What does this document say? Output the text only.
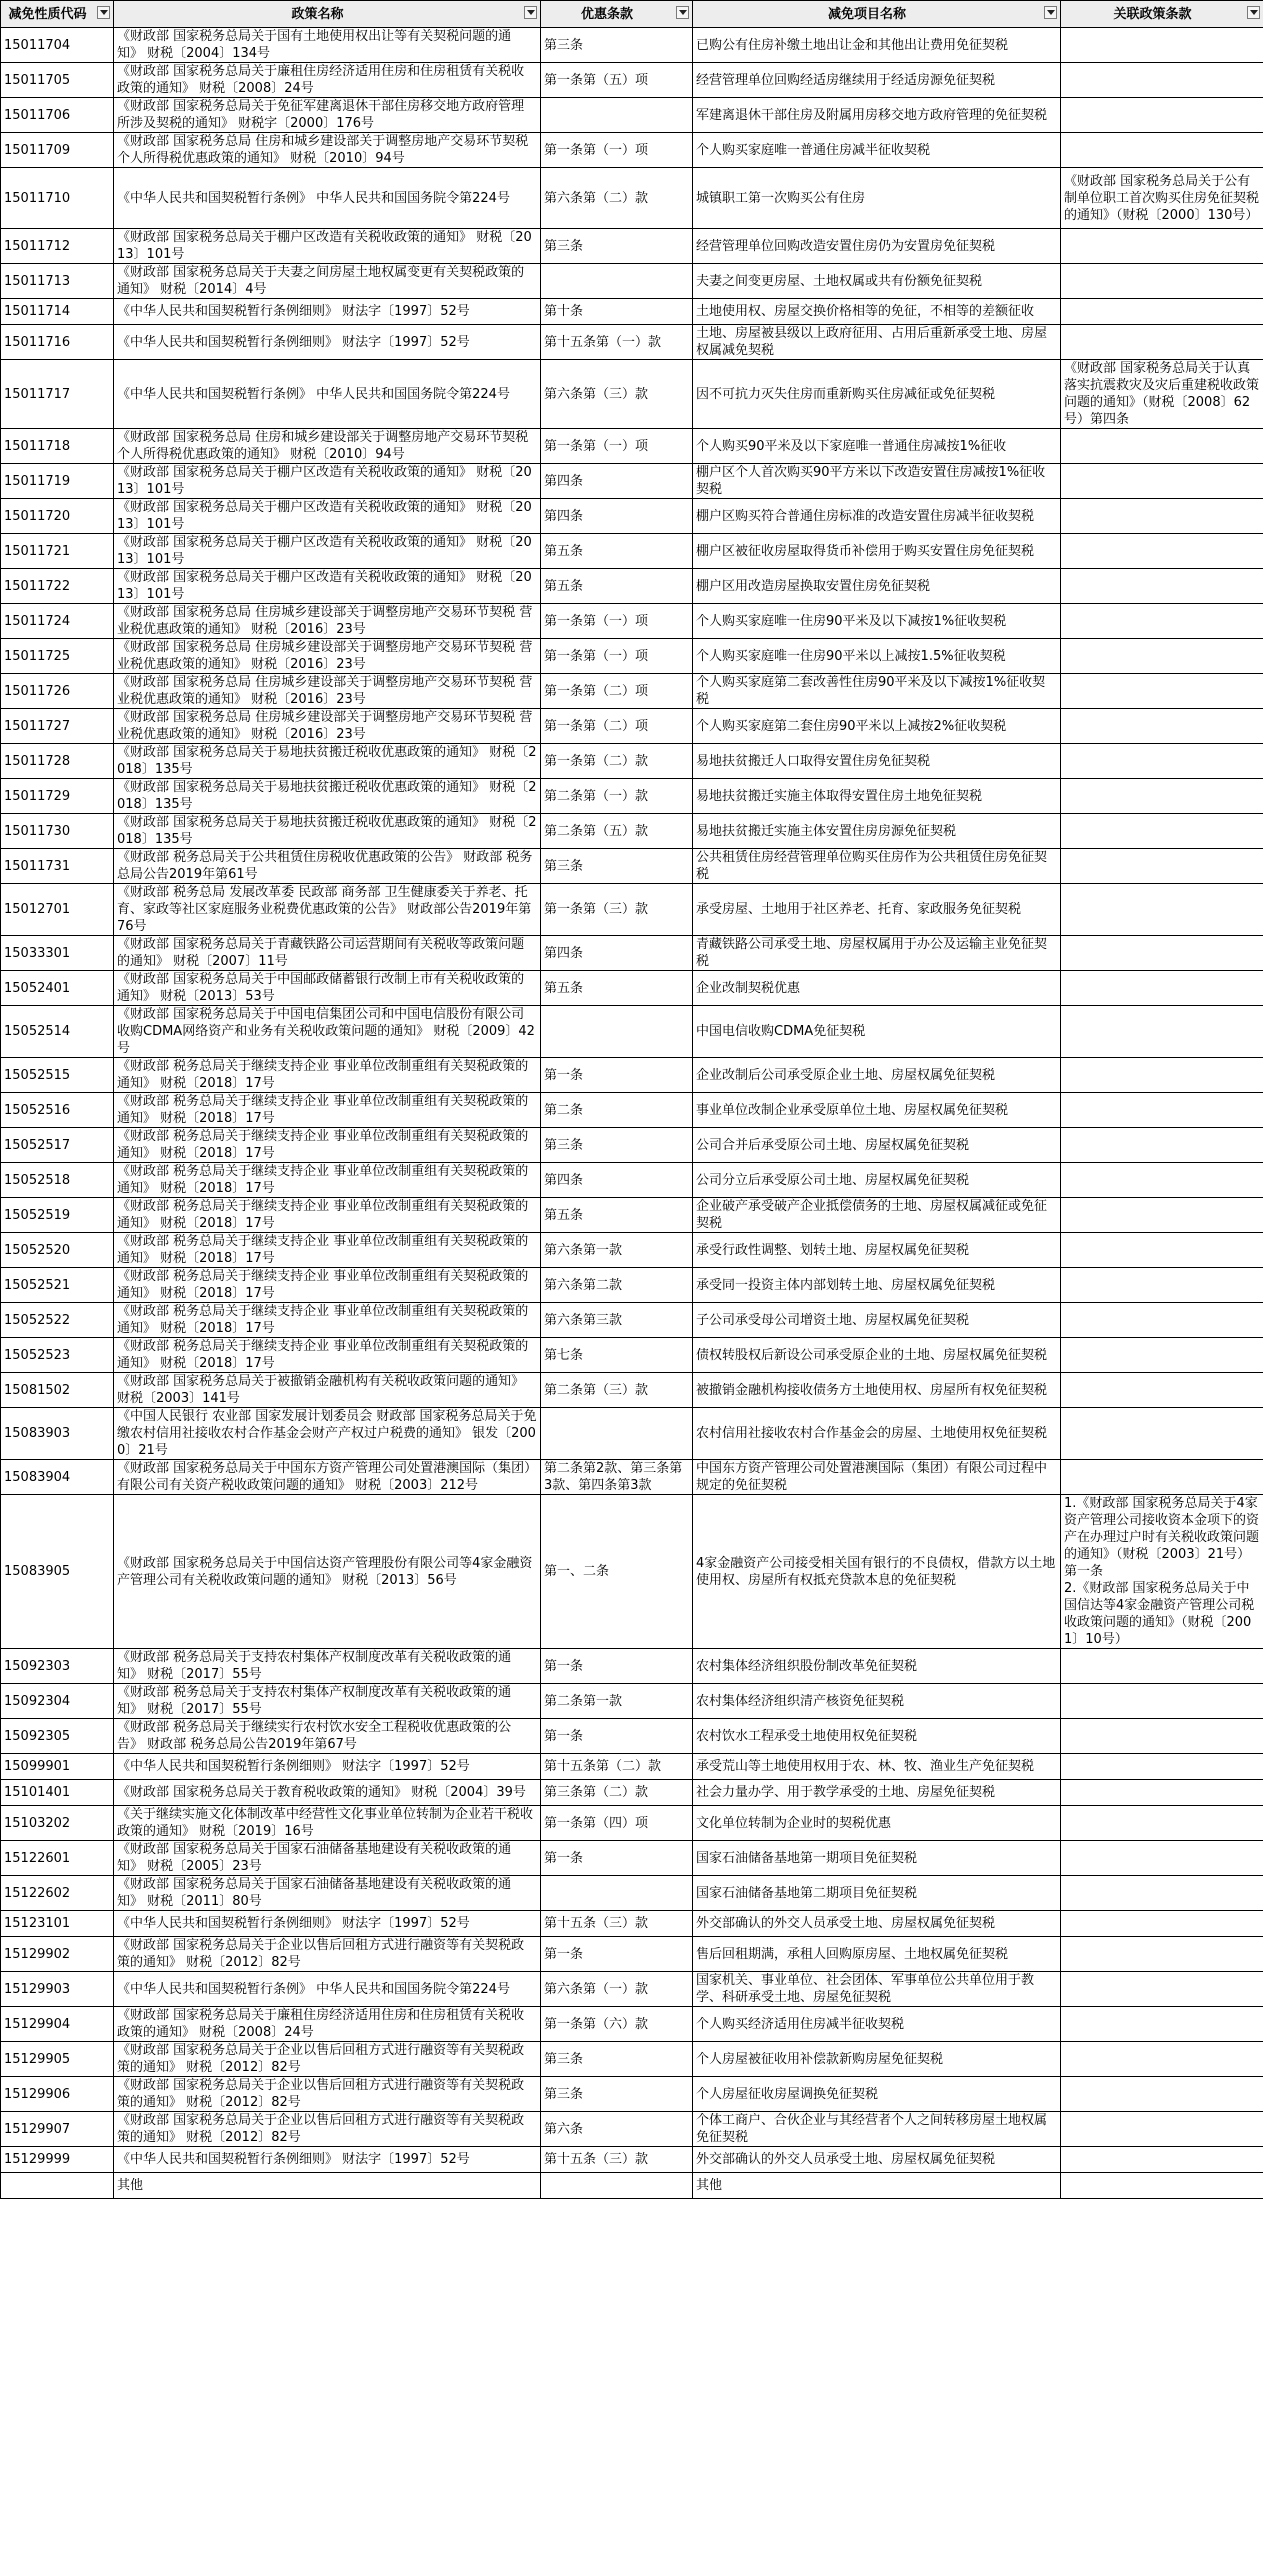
减免性质代码	政策名称	优惠条款	减免项目名称	关联政策条款

15011704	《财政部 国家税务总局关于国有土地使用权出让等有关契税问题的通知》 财税〔2004〕134号	第三条	已购公有住房补缴土地出让金和其他出让费用免征契税	
15011705	《财政部 国家税务总局关于廉租住房经济适用住房和住房租赁有关税收政策的通知》 财税〔2008〕24号	第一条第（五）项	经营管理单位回购经适房继续用于经适房源免征契税	
15011706	《财政部 国家税务总局关于免征军建离退休干部住房移交地方政府管理所涉及契税的通知》 财税字〔2000〕176号		军建离退休干部住房及附属用房移交地方政府管理的免征契税	
15011709	《财政部 国家税务总局 住房和城乡建设部关于调整房地产交易环节契税个人所得税优惠政策的通知》 财税〔2010〕94号	第一条第（一）项	个人购买家庭唯一普通住房减半征收契税	
15011710	《中华人民共和国契税暂行条例》 中华人民共和国国务院令第224号	第六条第（二）款	城镇职工第一次购买公有住房	《财政部 国家税务总局关于公有制单位职工首次购买住房免征契税的通知》（财税〔2000〕130号）
15011712	《财政部 国家税务总局关于棚户区改造有关税收政策的通知》 财税〔2013〕101号	第三条	经营管理单位回购改造安置住房仍为安置房免征契税	
15011713	《财政部 国家税务总局关于夫妻之间房屋土地权属变更有关契税政策的通知》 财税〔2014〕4号		夫妻之间变更房屋、土地权属或共有份额免征契税	
15011714	《中华人民共和国契税暂行条例细则》 财法字〔1997〕52号	第十条	土地使用权、房屋交换价格相等的免征，不相等的差额征收	
15011716	《中华人民共和国契税暂行条例细则》 财法字〔1997〕52号	第十五条第（一）款	土地、房屋被县级以上政府征用、占用后重新承受土地、房屋权属减免契税	
15011717	《中华人民共和国契税暂行条例》 中华人民共和国国务院令第224号	第六条第（三）款	因不可抗力灭失住房而重新购买住房减征或免征契税	《财政部 国家税务总局关于认真落实抗震救灾及灾后重建税收政策问题的通知》（财税〔2008〕62号）第四条
15011718	《财政部 国家税务总局 住房和城乡建设部关于调整房地产交易环节契税个人所得税优惠政策的通知》 财税〔2010〕94号	第一条第（一）项	个人购买90平米及以下家庭唯一普通住房减按1%征收	
15011719	《财政部 国家税务总局关于棚户区改造有关税收政策的通知》 财税〔2013〕101号	第四条	棚户区个人首次购买90平方米以下改造安置住房减按1%征收契税	
15011720	《财政部 国家税务总局关于棚户区改造有关税收政策的通知》 财税〔2013〕101号	第四条	棚户区购买符合普通住房标准的改造安置住房减半征收契税	
15011721	《财政部 国家税务总局关于棚户区改造有关税收政策的通知》 财税〔2013〕101号	第五条	棚户区被征收房屋取得货币补偿用于购买安置住房免征契税	
15011722	《财政部 国家税务总局关于棚户区改造有关税收政策的通知》 财税〔2013〕101号	第五条	棚户区用改造房屋换取安置住房免征契税	
15011724	《财政部 国家税务总局 住房城乡建设部关于调整房地产交易环节契税 营业税优惠政策的通知》 财税〔2016〕23号	第一条第（一）项	个人购买家庭唯一住房90平米及以下减按1%征收契税	
15011725	《财政部 国家税务总局 住房城乡建设部关于调整房地产交易环节契税 营业税优惠政策的通知》 财税〔2016〕23号	第一条第（一）项	个人购买家庭唯一住房90平米以上减按1.5%征收契税	
15011726	《财政部 国家税务总局 住房城乡建设部关于调整房地产交易环节契税 营业税优惠政策的通知》 财税〔2016〕23号	第一条第（二）项	个人购买家庭第二套改善性住房90平米及以下减按1%征收契税	
15011727	《财政部 国家税务总局 住房城乡建设部关于调整房地产交易环节契税 营业税优惠政策的通知》 财税〔2016〕23号	第一条第（二）项	个人购买家庭第二套住房90平米以上减按2%征收契税	
15011728	《财政部 国家税务总局关于易地扶贫搬迁税收优惠政策的通知》 财税〔2018〕135号	第一条第（二）款	易地扶贫搬迁人口取得安置住房免征契税	
15011729	《财政部 国家税务总局关于易地扶贫搬迁税收优惠政策的通知》 财税〔2018〕135号	第二条第（一）款	易地扶贫搬迁实施主体取得安置住房土地免征契税	
15011730	《财政部 国家税务总局关于易地扶贫搬迁税收优惠政策的通知》 财税〔2018〕135号	第二条第（五）款	易地扶贫搬迁实施主体安置住房房源免征契税	
15011731	《财政部 税务总局关于公共租赁住房税收优惠政策的公告》 财政部 税务总局公告2019年第61号	第三条	公共租赁住房经营管理单位购买住房作为公共租赁住房免征契税	
15012701	《财政部 税务总局 发展改革委 民政部 商务部 卫生健康委关于养老、托育、家政等社区家庭服务业税费优惠政策的公告》 财政部公告2019年第76号	第一条第（三）款	承受房屋、土地用于社区养老、托育、家政服务免征契税	
15033301	《财政部 国家税务总局关于青藏铁路公司运营期间有关税收等政策问题的通知》 财税〔2007〕11号	第四条	青藏铁路公司承受土地、房屋权属用于办公及运输主业免征契税	
15052401	《财政部 国家税务总局关于中国邮政储蓄银行改制上市有关税收政策的通知》 财税〔2013〕53号	第五条	企业改制契税优惠	
15052514	《财政部 国家税务总局关于中国电信集团公司和中国电信股份有限公司收购CDMA网络资产和业务有关税收政策问题的通知》 财税〔2009〕42号		中国电信收购CDMA免征契税	
15052515	《财政部 税务总局关于继续支持企业 事业单位改制重组有关契税政策的通知》 财税〔2018〕17号	第一条	企业改制后公司承受原企业土地、房屋权属免征契税	
15052516	《财政部 税务总局关于继续支持企业 事业单位改制重组有关契税政策的通知》 财税〔2018〕17号	第二条	事业单位改制企业承受原单位土地、房屋权属免征契税	
15052517	《财政部 税务总局关于继续支持企业 事业单位改制重组有关契税政策的通知》 财税〔2018〕17号	第三条	公司合并后承受原公司土地、房屋权属免征契税	
15052518	《财政部 税务总局关于继续支持企业 事业单位改制重组有关契税政策的通知》 财税〔2018〕17号	第四条	公司分立后承受原公司土地、房屋权属免征契税	
15052519	《财政部 税务总局关于继续支持企业 事业单位改制重组有关契税政策的通知》 财税〔2018〕17号	第五条	企业破产承受破产企业抵偿债务的土地、房屋权属减征或免征契税	
15052520	《财政部 税务总局关于继续支持企业 事业单位改制重组有关契税政策的通知》 财税〔2018〕17号	第六条第一款	承受行政性调整、划转土地、房屋权属免征契税	
15052521	《财政部 税务总局关于继续支持企业 事业单位改制重组有关契税政策的通知》 财税〔2018〕17号	第六条第二款	承受同一投资主体内部划转土地、房屋权属免征契税	
15052522	《财政部 税务总局关于继续支持企业 事业单位改制重组有关契税政策的通知》 财税〔2018〕17号	第六条第三款	子公司承受母公司增资土地、房屋权属免征契税	
15052523	《财政部 税务总局关于继续支持企业 事业单位改制重组有关契税政策的通知》 财税〔2018〕17号	第七条	债权转股权后新设公司承受原企业的土地、房屋权属免征契税	
15081502	《财政部 国家税务总局关于被撤销金融机构有关税收政策问题的通知》 财税〔2003〕141号	第二条第（三）款	被撤销金融机构接收债务方土地使用权、房屋所有权免征契税	
15083903	《中国人民银行 农业部 国家发展计划委员会 财政部 国家税务总局关于免缴农村信用社接收农村合作基金会财产产权过户税费的通知》 银发〔2000〕21号		农村信用社接收农村合作基金会的房屋、土地使用权免征契税	
15083904	《财政部 国家税务总局关于中国东方资产管理公司处置港澳国际（集团）有限公司有关资产税收政策问题的通知》 财税〔2003〕212号	第二条第2款、第三条第3款、第四条第3款	中国东方资产管理公司处置港澳国际（集团）有限公司过程中规定的免征契税	
15083905	《财政部 国家税务总局关于中国信达资产管理股份有限公司等4家金融资产管理公司有关税收政策问题的通知》 财税〔2013〕56号	第一、二条	4家金融资产公司接受相关国有银行的不良债权，借款方以土地使用权、房屋所有权抵充贷款本息的免征契税	1.《财政部 国家税务总局关于4家资产管理公司接收资本金项下的资产在办理过户时有关税收政策问题的通知》（财税〔2003〕21号）第一条
2.《财政部 国家税务总局关于中国信达等4家金融资产管理公司税收政策问题的通知》（财税〔2001〕10号）
15092303	《财政部 税务总局关于支持农村集体产权制度改革有关税收政策的通知》 财税〔2017〕55号	第一条	农村集体经济组织股份制改革免征契税	
15092304	《财政部 税务总局关于支持农村集体产权制度改革有关税收政策的通知》 财税〔2017〕55号	第二条第一款	农村集体经济组织清产核资免征契税	
15092305	《财政部 税务总局关于继续实行农村饮水安全工程税收优惠政策的公告》 财政部 税务总局公告2019年第67号	第一条	农村饮水工程承受土地使用权免征契税	
15099901	《中华人民共和国契税暂行条例细则》 财法字〔1997〕52号	第十五条第（二）款	承受荒山等土地使用权用于农、林、牧、渔业生产免征契税	
15101401	《财政部 国家税务总局关于教育税收政策的通知》 财税〔2004〕39号	第三条第（二）款	社会力量办学、用于教学承受的土地、房屋免征契税	
15103202	《关于继续实施文化体制改革中经营性文化事业单位转制为企业若干税收政策的通知》 财税〔2019〕16号	第一条第（四）项	文化单位转制为企业时的契税优惠	
15122601	《财政部 国家税务总局关于国家石油储备基地建设有关税收政策的通知》 财税〔2005〕23号	第一条	国家石油储备基地第一期项目免征契税	
15122602	《财政部 国家税务总局关于国家石油储备基地建设有关税收政策的通知》 财税〔2011〕80号		国家石油储备基地第二期项目免征契税	
15123101	《中华人民共和国契税暂行条例细则》 财法字〔1997〕52号	第十五条（三）款	外交部确认的外交人员承受土地、房屋权属免征契税	
15129902	《财政部 国家税务总局关于企业以售后回租方式进行融资等有关契税政策的通知》 财税〔2012〕82号	第一条	售后回租期满，承租人回购原房屋、土地权属免征契税	
15129903	《中华人民共和国契税暂行条例》 中华人民共和国国务院令第224号	第六条第（一）款	国家机关、事业单位、社会团体、军事单位公共单位用于教学、科研承受土地、房屋免征契税	
15129904	《财政部 国家税务总局关于廉租住房经济适用住房和住房租赁有关税收政策的通知》 财税〔2008〕24号	第一条第（六）款	个人购买经济适用住房减半征收契税	
15129905	《财政部 国家税务总局关于企业以售后回租方式进行融资等有关契税政策的通知》 财税〔2012〕82号	第三条	个人房屋被征收用补偿款新购房屋免征契税	
15129906	《财政部 国家税务总局关于企业以售后回租方式进行融资等有关契税政策的通知》 财税〔2012〕82号	第三条	个人房屋征收房屋调换免征契税	
15129907	《财政部 国家税务总局关于企业以售后回租方式进行融资等有关契税政策的通知》 财税〔2012〕82号	第六条	个体工商户、合伙企业与其经营者个人之间转移房屋土地权属免征契税	
15129999	《中华人民共和国契税暂行条例细则》 财法字〔1997〕52号	第十五条（三）款	外交部确认的外交人员承受土地、房屋权属免征契税	
	其他		其他	
